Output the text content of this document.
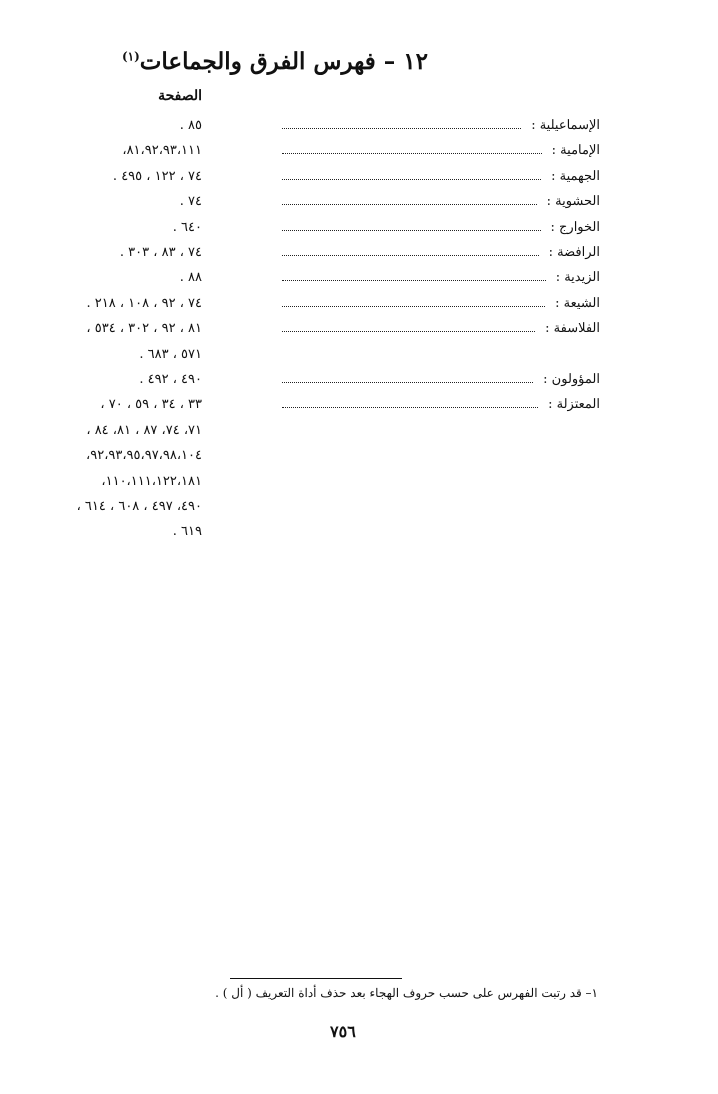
١٢ – فهرس الفرق والجماعات$^{(١)}$
الصفحة
الإسماعيلية :
٨٥ .
الإمامية :
٨١،٩٢،٩٣،١١١،
الجهمية :
٧٤ ، ١٢٢ ، ٤٩٥ .
الحشوية :
٧٤ .
الخوارج :
٦٤٠ .
الرافضة :
٧٤ ، ٨٣ ، ٣٠٣ .
الزيدية :
٨٨ .
الشيعة :
٧٤ ، ٩٢ ، ١٠٨ ، ٢١٨ .
الفلاسفة :
٨١ ، ٩٢ ، ٣٠٢ ، ٥٣٤ ،
٥٧١ ، ٦٨٣ .
المؤولون :
٤٩٠ ، ٤٩٢ .
المعتزلة :
٣٣ ، ٣٤ ، ٥٩ ، ٧٠ ،
٧١، ٧٤، ٨٧ ، ٨١، ٨٤ ،
٩٢،٩٣،٩٥،٩٧،٩٨،١٠٤،
١١٠،١١١،١٢٢،١٨١،
٤٩٠، ٤٩٧ ، ٦٠٨ ، ٦١٤ ،
٦١٩ .
١– قد رتبت الفهرس على حسب حروف الهجاء بعد حذف أداة التعريف ( أل ) .
٧٥٦
